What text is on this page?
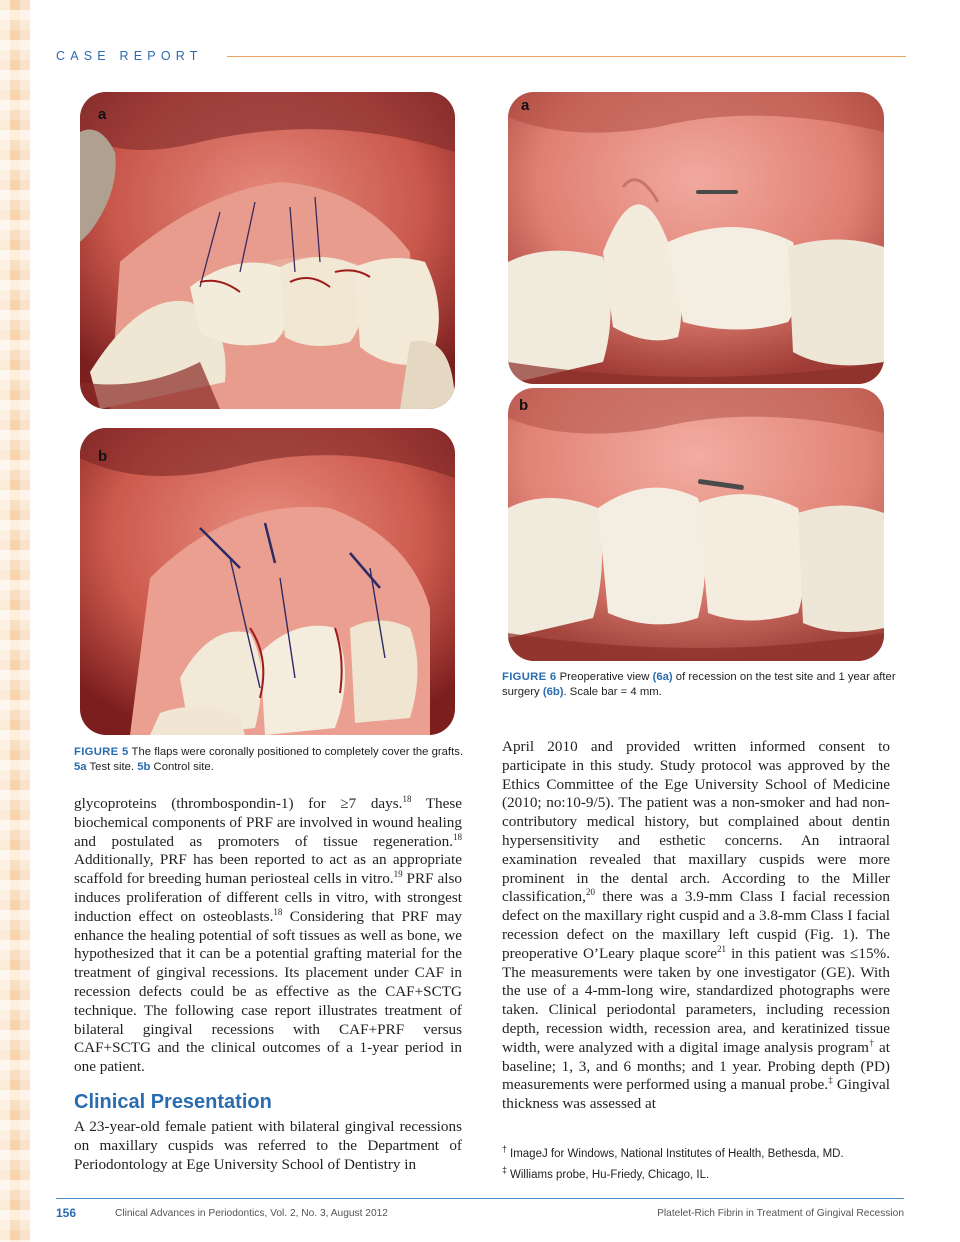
CASE REPORT
a
b
a
b
FIGURE 6 Preoperative view (6a) of recession on the test site and 1 year after surgery (6b). Scale bar = 4 mm.
FIGURE 5 The flaps were coronally positioned to completely cover the grafts. 5a Test site. 5b Control site.
glycoproteins (thrombospondin-1) for ≥7 days.$^{18}$ These biochemical components of PRF are involved in wound healing and postulated as promoters of tissue regeneration.$^{18}$ Additionally, PRF has been reported to act as an appropriate scaffold for breeding human periosteal cells in vitro.$^{19}$ PRF also induces proliferation of different cells in vitro, with strongest induction effect on osteoblasts.$^{18}$ Considering that PRF may enhance the healing potential of soft tissues as well as bone, we hypothesized that it can be a potential grafting material for the treatment of gingival recessions. Its placement under CAF in recession defects could be as effective as the CAF+SCTG technique. The following case report illustrates treatment of bilateral gingival recessions with CAF+PRF versus CAF+SCTG and the clinical outcomes of a 1-year period in one patient.
Clinical Presentation
A 23-year-old female patient with bilateral gingival recessions on maxillary cuspids was referred to the Department of Periodontology at Ege University School of Dentistry in
April 2010 and provided written informed consent to participate in this study. Study protocol was approved by the Ethics Committee of the Ege University School of Medicine (2010; no:10-9/5). The patient was a non-smoker and had non-contributory medical history, but complained about dentin hypersensitivity and esthetic concerns. An intraoral examination revealed that maxillary cuspids were more prominent in the dental arch. According to the Miller classification,$^{20}$ there was a 3.9-mm Class I facial recession defect on the maxillary right cuspid and a 3.8-mm Class I facial recession defect on the maxillary left cuspid (Fig. 1). The preoperative O’Leary plaque score$^{21}$ in this patient was ≤15%. The measurements were taken by one investigator (GE). With the use of a 4-mm-long wire, standardized photographs were taken. Clinical periodontal parameters, including recession depth, recession width, recession area, and keratinized tissue width, were analyzed with a digital image analysis program† at baseline; 1, 3, and 6 months; and 1 year. Probing depth (PD) measurements were performed using a manual probe.‡ Gingival thickness was assessed at
† ImageJ for Windows, National Institutes of Health, Bethesda, MD.
‡ Williams probe, Hu-Friedy, Chicago, IL.
156	Clinical Advances in Periodontics, Vol. 2, No. 3, August 2012	Platelet-Rich Fibrin in Treatment of Gingival Recession
